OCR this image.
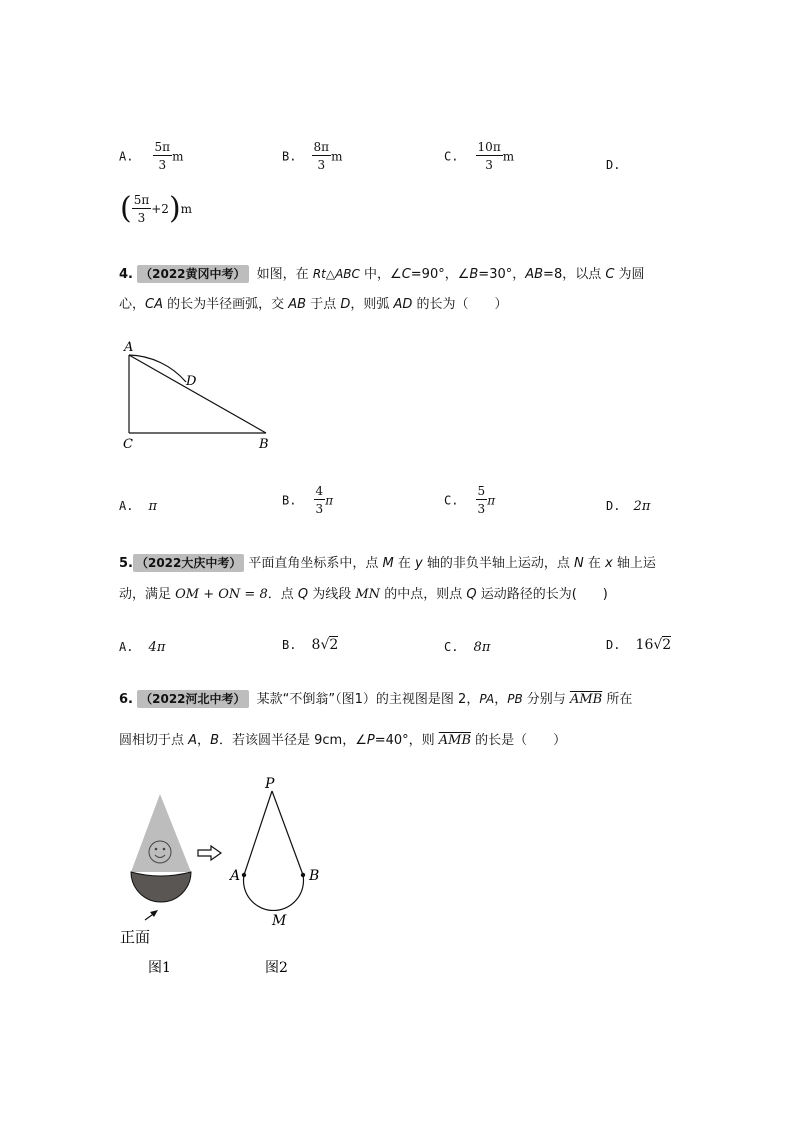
A. $\frac{5\pi}{3}$ m	B. $\frac{8\pi}{3}$ m	C. $\frac{10\pi}{3}$ m
D.
( $\frac{5\pi}{3} +2$ ) m
4. （2022黄冈中考） 如图，在 Rt△ABC 中，∠C=90°，∠B=30°，AB=8，以点 C 为圆
心，CA 的长为半径画弧，交 AB 于点 D，则弧 AD 的长为（　　）
A
D
C	B
A. π	B. $\frac{4}{3}$ π	C. $\frac{5}{3}$ π	D. 2π
5. （2022大庆中考） 平面直角坐标系中，点 M 在 y 轴的非负半轴上运动，点 N 在 x 轴上运
动，满足 OM + ON = 8．点 Q 为线段 MN 的中点，则点 Q 运动路径的长为(　　)
A. 4π	B. 8√2	C. 8π	D. 16√2
6. （2022河北中考） 某款“不倒翁”（图1）的主视图是图 2，PA，PB 分别与 $\overline{AMB}$ 所在
圆相切于点 A，B．若该圆半径是 9cm，∠P=40°，则 $\overline{AMB}$ 的长是（　　）
正面
图1
P
A	B
M
图2
